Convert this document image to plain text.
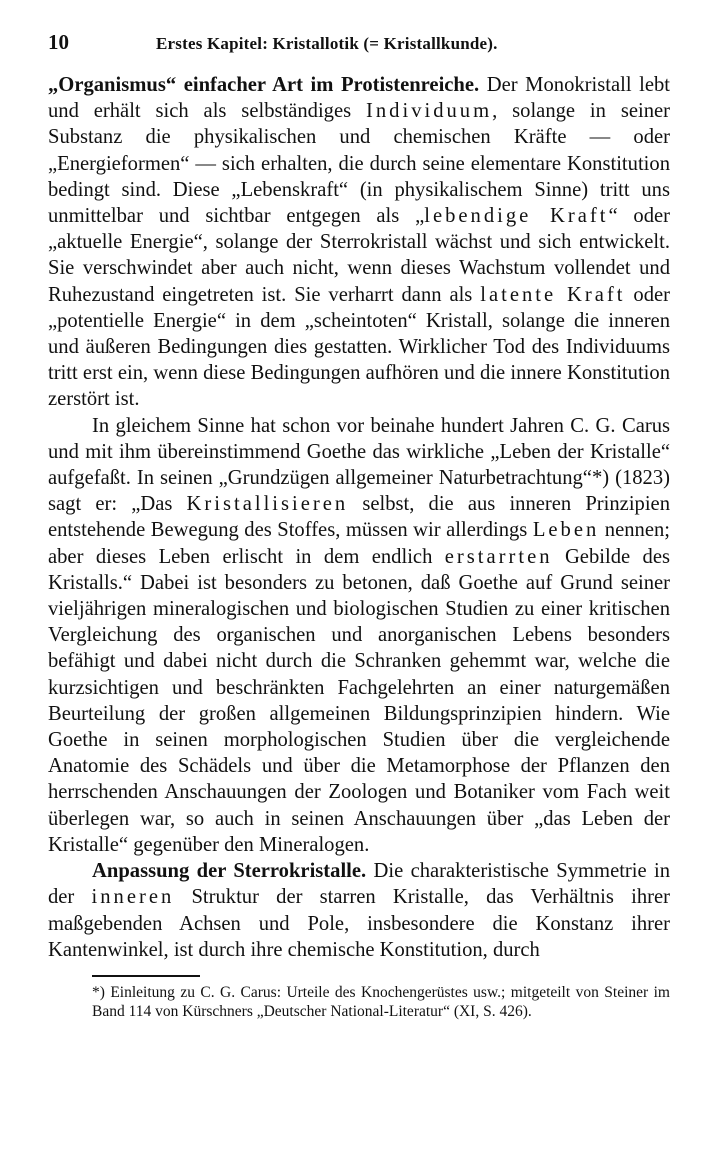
10	Erstes Kapitel: Kristallotik (= Kristallkunde).

„Organismus“ einfacher Art im Protistenreiche. Der Monokristall lebt und erhält sich als selbständiges Individuum, solange in seiner Substanz die physikalischen und chemischen Kräfte — oder „Energieformen“ — sich erhalten, die durch seine elementare Konstitution bedingt sind. Diese „Lebenskraft“ (in physikalischem Sinne) tritt uns unmittelbar und sichtbar entgegen als „lebendige Kraft“ oder „aktuelle Energie“, solange der Sterrokristall wächst und sich entwickelt. Sie verschwindet aber auch nicht, wenn dieses Wachstum vollendet und Ruhezustand eingetreten ist. Sie verharrt dann als latente Kraft oder „potentielle Energie“ in dem „scheintoten“ Kristall, solange die inneren und äußeren Bedingungen dies gestatten. Wirklicher Tod des Individuums tritt erst ein, wenn diese Bedingungen aufhören und die innere Konstitution zerstört ist.

In gleichem Sinne hat schon vor beinahe hundert Jahren C. G. Carus und mit ihm übereinstimmend Goethe das wirkliche „Leben der Kristalle“ aufgefaßt. In seinen „Grundzügen allgemeiner Naturbetrachtung“*) (1823) sagt er: „Das Kristallisieren selbst, die aus inneren Prinzipien entstehende Bewegung des Stoffes, müssen wir allerdings Leben nennen; aber dieses Leben erlischt in dem endlich erstarrten Gebilde des Kristalls.“ Dabei ist besonders zu betonen, daß Goethe auf Grund seiner vieljährigen mineralogischen und biologischen Studien zu einer kritischen Vergleichung des organischen und anorganischen Lebens besonders befähigt und dabei nicht durch die Schranken gehemmt war, welche die kurzsichtigen und beschränkten Fachgelehrten an einer naturgemäßen Beurteilung der großen allgemeinen Bildungsprinzipien hindern. Wie Goethe in seinen morphologischen Studien über die vergleichende Anatomie des Schädels und über die Metamorphose der Pflanzen den herrschenden Anschauungen der Zoologen und Botaniker vom Fach weit überlegen war, so auch in seinen Anschauungen über „das Leben der Kristalle“ gegenüber den Mineralogen.

Anpassung der Sterrokristalle. Die charakteristische Symmetrie in der inneren Struktur der starren Kristalle, das Verhältnis ihrer maßgebenden Achsen und Pole, insbesondere die Konstanz ihrer Kantenwinkel, ist durch ihre chemische Konstitution, durch

*) Einleitung zu C. G. Carus: Urteile des Knochengerüstes usw.; mitgeteilt von Steiner im Band 114 von Kürschners „Deutscher National-Literatur“ (XI, S. 426).
